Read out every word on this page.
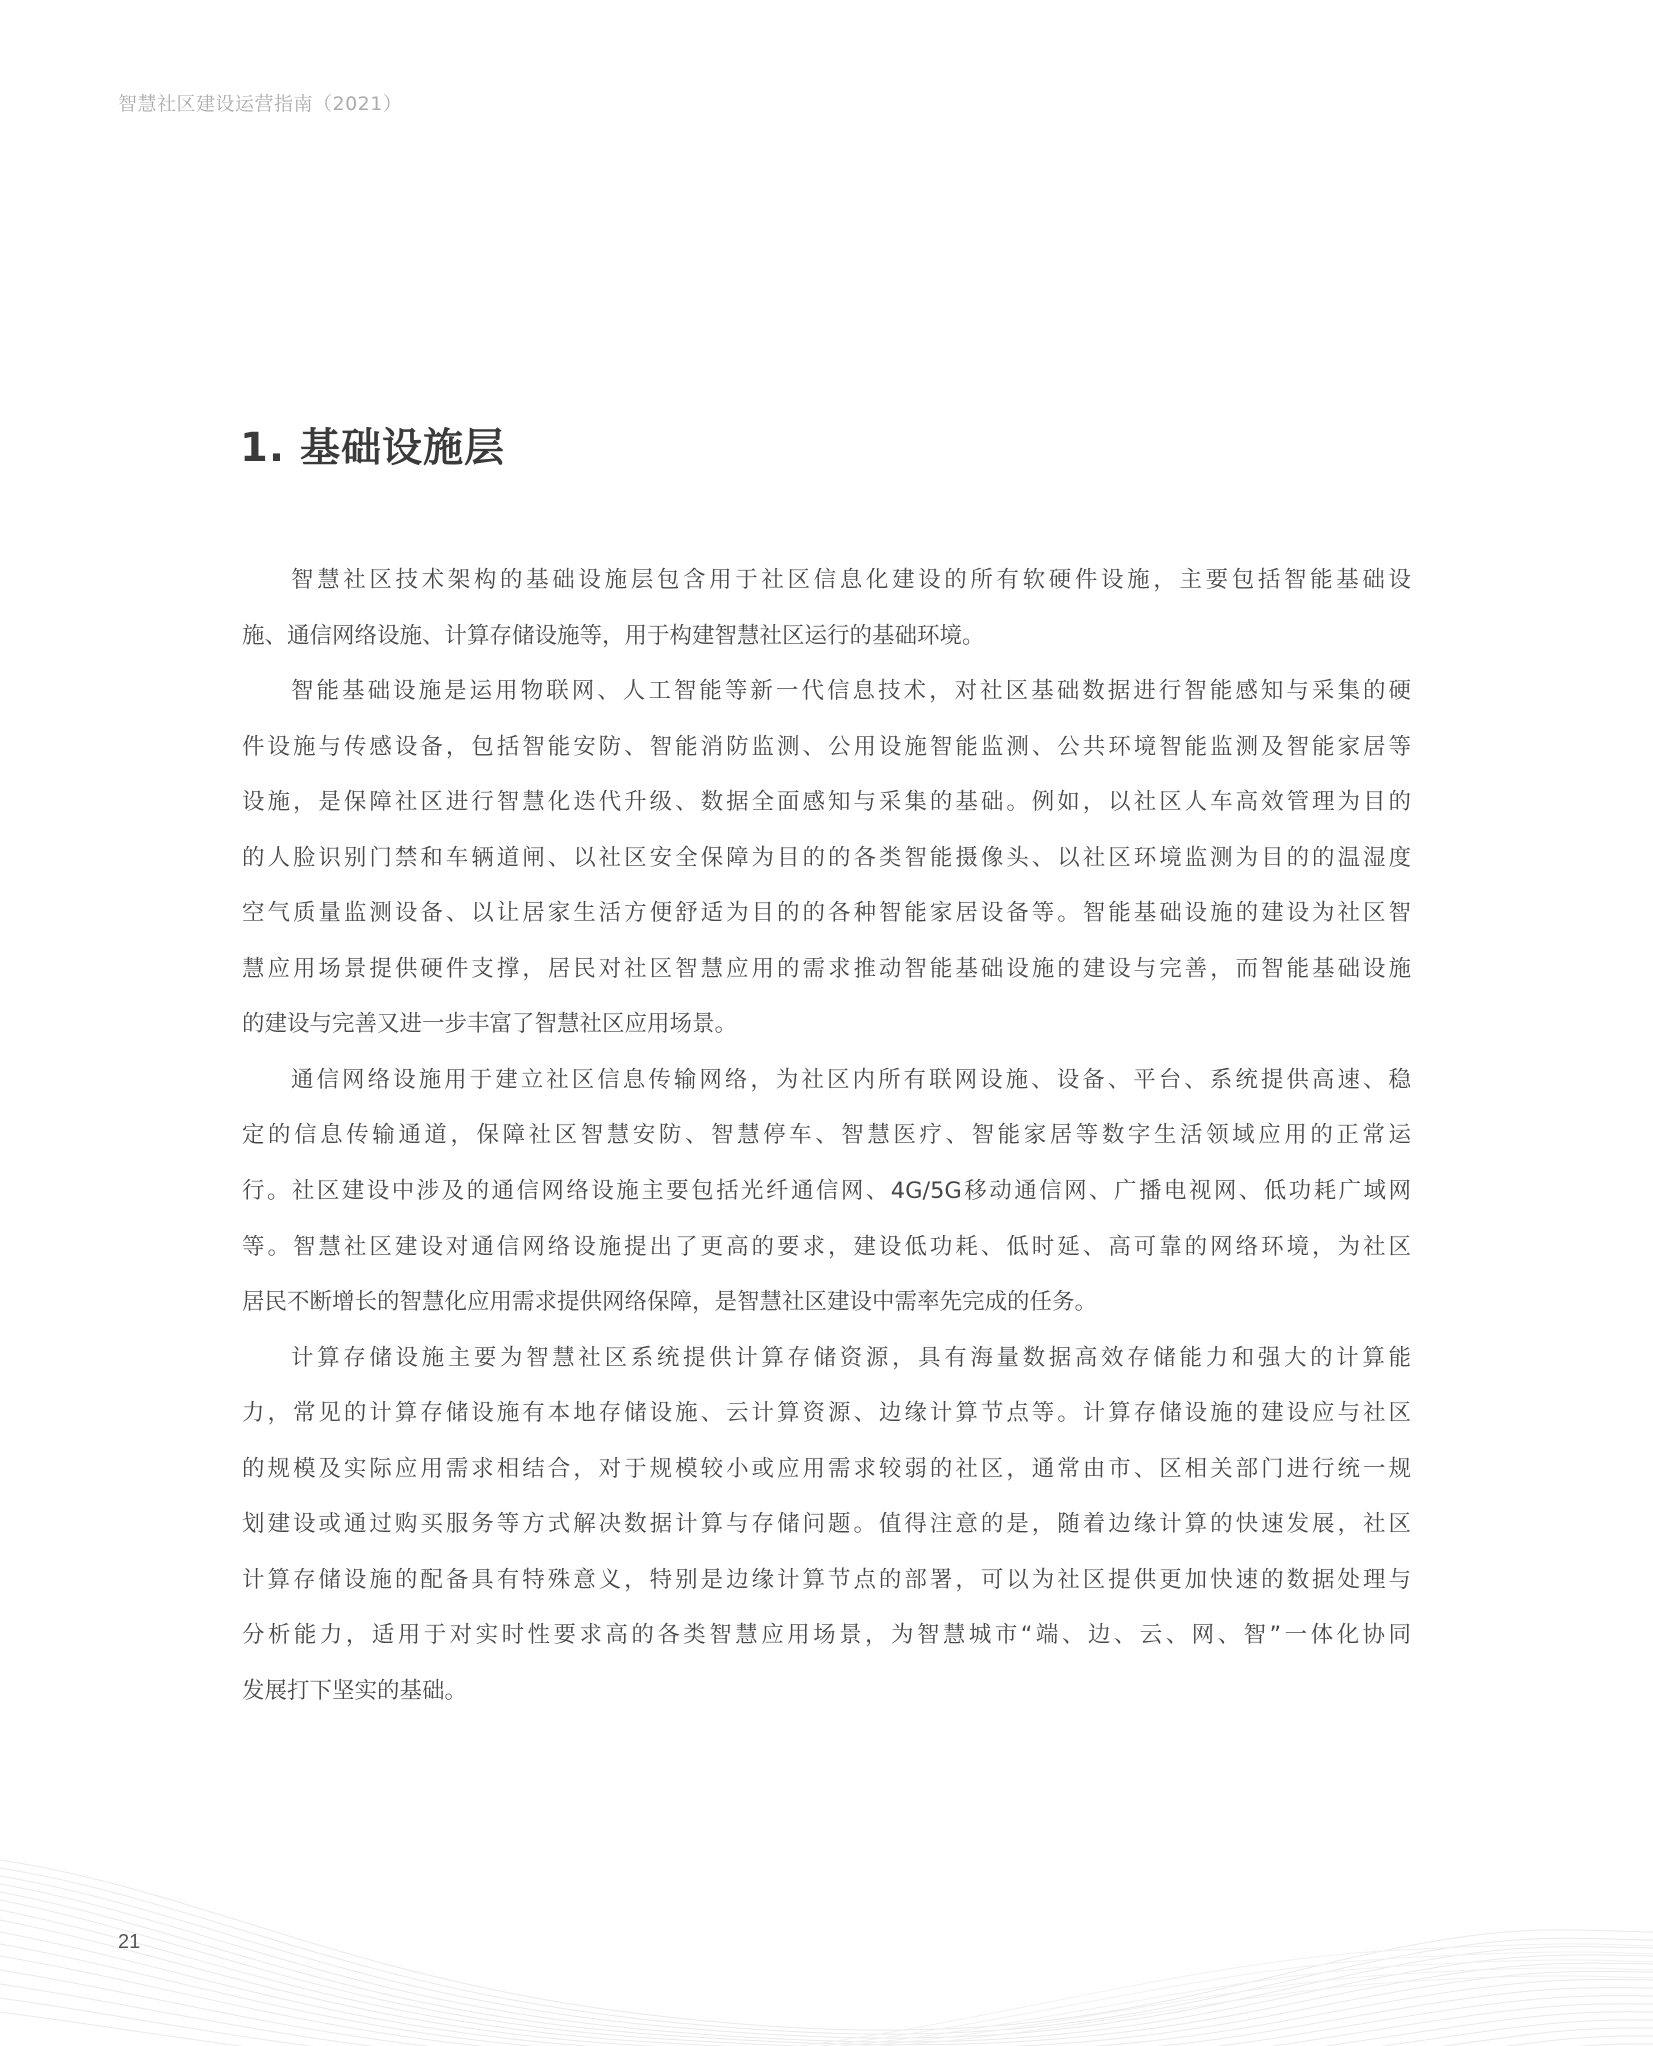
智慧社区建设运营指南（2021）
1. 基础设施层
智慧社区技术架构的基础设施层包含用于社区信息化建设的所有软硬件设施，主要包括智能基础设
施、通信网络设施、计算存储设施等，用于构建智慧社区运行的基础环境。
智能基础设施是运用物联网、人工智能等新一代信息技术，对社区基础数据进行智能感知与采集的硬
件设施与传感设备，包括智能安防、智能消防监测、公用设施智能监测、公共环境智能监测及智能家居等
设施，是保障社区进行智慧化迭代升级、数据全面感知与采集的基础。例如，以社区人车高效管理为目的
的人脸识别门禁和车辆道闸、以社区安全保障为目的的各类智能摄像头、以社区环境监测为目的的温湿度
空气质量监测设备、以让居家生活方便舒适为目的的各种智能家居设备等。智能基础设施的建设为社区智
慧应用场景提供硬件支撑，居民对社区智慧应用的需求推动智能基础设施的建设与完善，而智能基础设施
的建设与完善又进一步丰富了智慧社区应用场景。
通信网络设施用于建立社区信息传输网络，为社区内所有联网设施、设备、平台、系统提供高速、稳
定的信息传输通道，保障社区智慧安防、智慧停车、智慧医疗、智能家居等数字生活领域应用的正常运
行。社区建设中涉及的通信网络设施主要包括光纤通信网、4G/5G移动通信网、广播电视网、低功耗广域网
等。智慧社区建设对通信网络设施提出了更高的要求，建设低功耗、低时延、高可靠的网络环境，为社区
居民不断增长的智慧化应用需求提供网络保障，是智慧社区建设中需率先完成的任务。
计算存储设施主要为智慧社区系统提供计算存储资源，具有海量数据高效存储能力和强大的计算能
力，常见的计算存储设施有本地存储设施、云计算资源、边缘计算节点等。计算存储设施的建设应与社区
的规模及实际应用需求相结合，对于规模较小或应用需求较弱的社区，通常由市、区相关部门进行统一规
划建设或通过购买服务等方式解决数据计算与存储问题。值得注意的是，随着边缘计算的快速发展，社区
计算存储设施的配备具有特殊意义，特别是边缘计算节点的部署，可以为社区提供更加快速的数据处理与
分析能力，适用于对实时性要求高的各类智慧应用场景，为智慧城市“端、边、云、网、智”一体化协同
发展打下坚实的基础。
21
